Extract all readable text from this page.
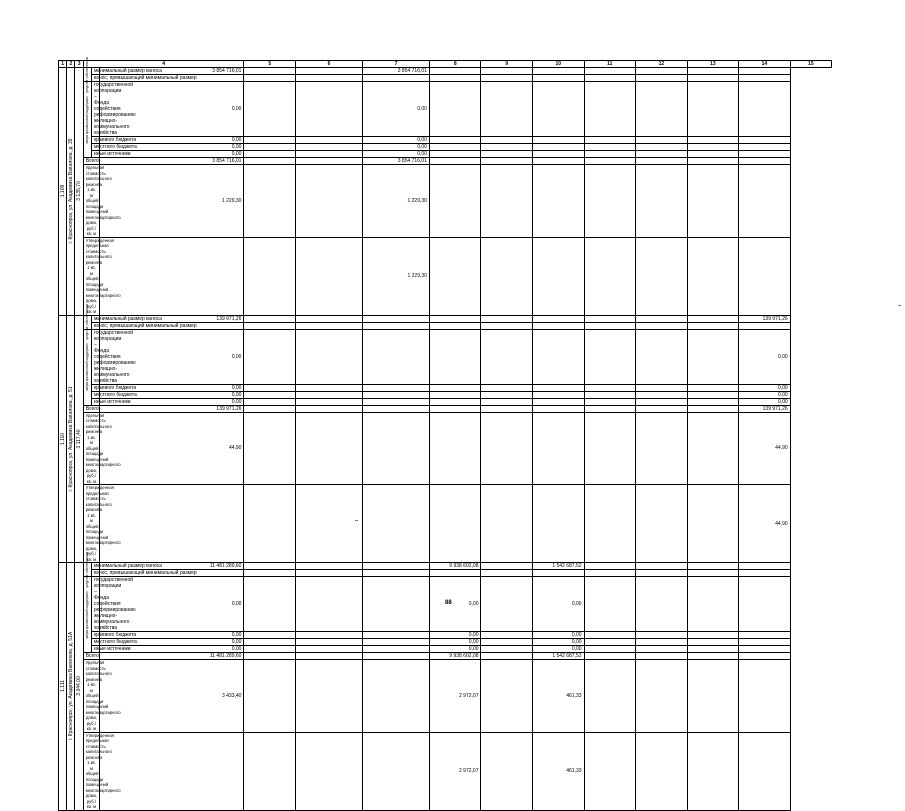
1	2	3	4			5	6	7	8	9	10	11	12	13	14	15

1.109	г. Красноярск, ул. Академика Вавилова, д. 39	3 135,70	средства собственников	минимальный размер взноса	3 854 716,01			3 854 716,01								
				взнос, превышающий минимальный размер												

			меры финансовой поддержки	государственной корпорации – Фонда содействия реформированию жилищно-коммунального хозяйства	0,00			0,00								
				краевого бюджета	0,00			0,00								
				местного бюджета	0,00			0,00								
				иные источники	0,00			0,00								
			Всего		3 854 716,01			3 854 716,01								
			Удельная стоимость капитального ремонта 1 кв. м общей площади помещений многоквартирного дома, руб./кв. м		1 229,30			1 229,30								
			Утвержденная предельная стоимость капитального ремонта 1 кв. м общей площади помещений многоквартирного дома, руб./кв. м					1 229,30								

1.110	г. Красноярск, ул. Академика Вавилова, д. 51	3 117,40	средства собственников	минимальный размер взноса	139 971,26										139 971,26	
				взнос, превышающий минимальный размер												

			меры финансовой поддержки	государственной корпорации – Фонда содействия реформированию жилищно-коммунального хозяйства	0,00										0,00	
				краевого бюджета	0,00										0,00	
				местного бюджета	0,00										0,00	
				иные источники	0,00										0,00	
			Всего		139 971,26										139 971,26	
			Удельная стоимость капитального ремонта 1 кв. м общей площади помещений многоквартирного дома, руб./кв. м		44,90										44,90	
			Утвержденная предельная стоимость капитального ремонта 1 кв. м общей площади помещений многоквартирного дома, руб./кв. м												44,90	

1.111	г. Красноярск, ул. Академика Вавилова, д. 51А	3 344,00	средства собственников	минимальный размер взноса	11 481 289,60				9 938 602,08		1 542 687,52					
				взнос, превышающий минимальный размер												

			меры финансовой поддержки	государственной корпорации – Фонда содействия реформированию жилищно-коммунального хозяйства	0,00				0,00		0,00					
				краевого бюджета	0,00				0,00		0,00					
				местного бюджета	0,00				0,00		0,00					
				иные источники	0,00				0,00		0,00					
			Всего		11 481 289,60				9 938 602,08		1 542 687,52					
			Удельная стоимость капитального ремонта 1 кв. м общей площади помещений многоквартирного дома, руб./кв. м		3 433,40				2 972,07		461,33					
			Утвержденная предельная стоимость капитального ремонта 1 кв. м общей площади помещений многоквартирного дома, руб./кв. м						2 972,07		461,33					
88
